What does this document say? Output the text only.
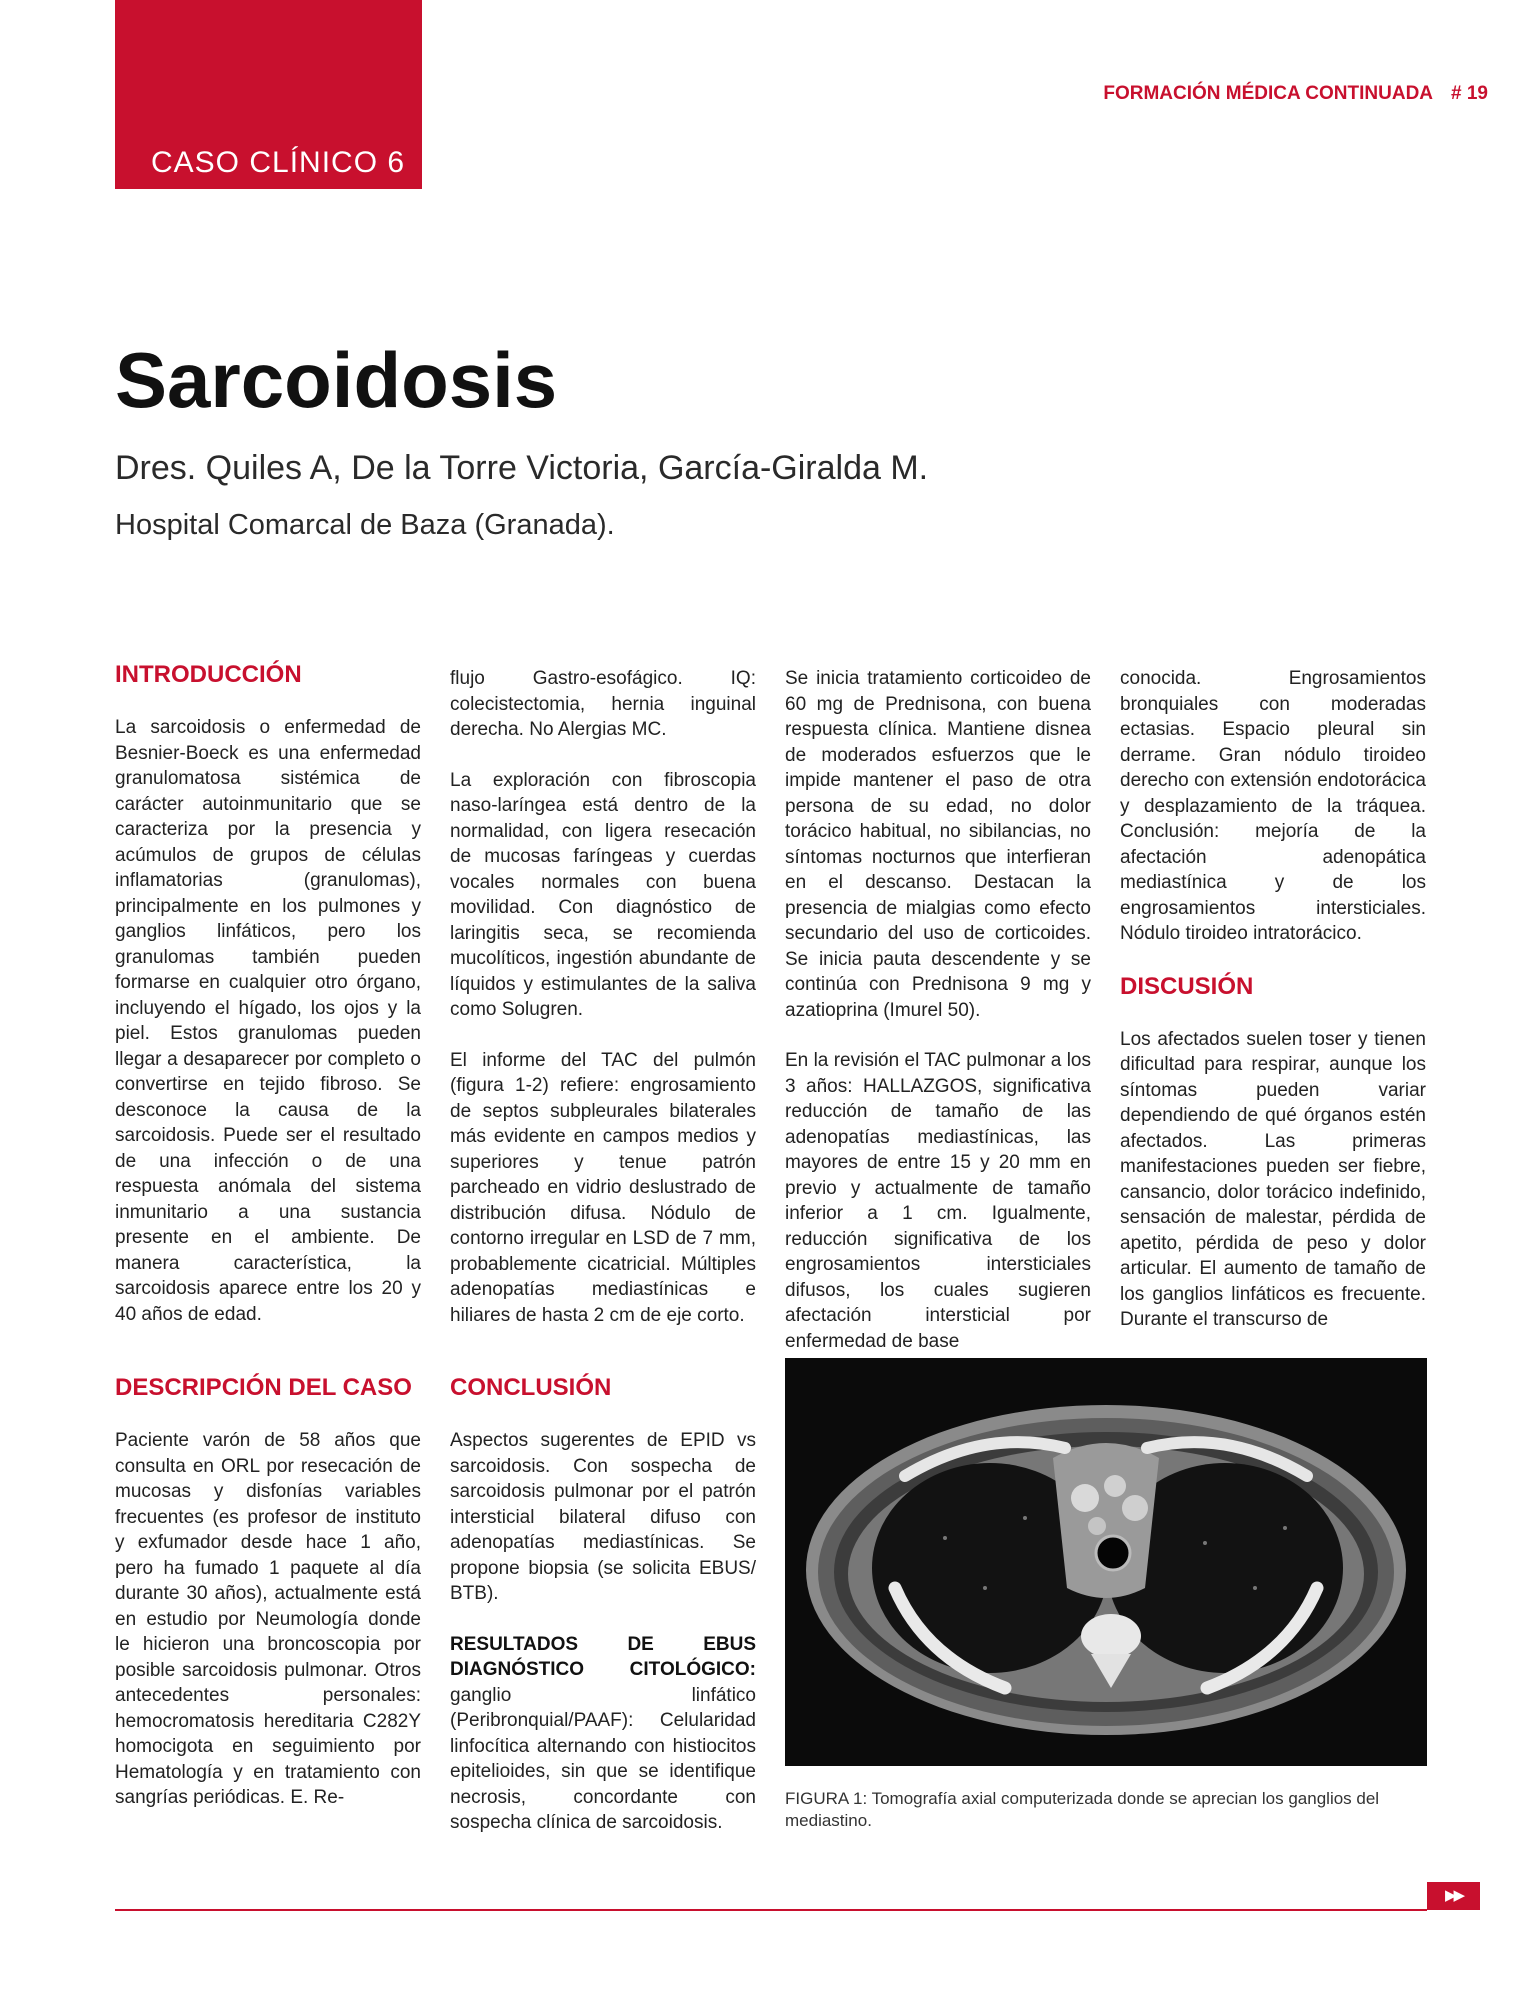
CASO CLÍNICO 6
FORMACIÓN MÉDICA CONTINUADA # 19
Sarcoidosis
Dres. Quiles A, De la Torre Victoria, García-Giralda M.
Hospital Comarcal de Baza (Granada).
INTRODUCCIÓN

La sarcoidosis o enfermedad de Besnier-Boeck es una enfermedad granulomatosa sistémica de carácter autoinmunitario que se caracteriza por la presencia y acúmulos de grupos de células inflamatorias (granulomas), principalmente en los pulmones y ganglios linfáticos, pero los granulomas también pueden formarse en cualquier otro órgano, incluyendo el hígado, los ojos y la piel. Estos granulomas pueden llegar a desaparecer por completo o convertirse en tejido fibroso. Se desconoce la causa de la sarcoidosis. Puede ser el resultado de una infección o de una respuesta anómala del sistema inmunitario a una sustancia presente en el ambiente. De manera característica, la sarcoidosis aparece entre los 20 y 40 años de edad.

DESCRIPCIÓN DEL CASO

Paciente varón de 58 años que consulta en ORL por resecación de mucosas y disfonías variables frecuentes (es profesor de instituto y exfumador desde hace 1 año, pero ha fumado 1 paquete al día durante 30 años), actualmente está en estudio por Neumología donde le hicieron una broncoscopia por posible sarcoidosis pulmonar. Otros antecedentes personales: hemocromatosis hereditaria C282Y homocigota en seguimiento por Hematología y en tratamiento con sangrías periódicas. E. Re-

flujo Gastro-esofágico. IQ: colecistectomia, hernia inguinal derecha. No Alergias MC.

La exploración con fibroscopia naso-laríngea está dentro de la normalidad, con ligera resecación de mucosas faríngeas y cuerdas vocales normales con buena movilidad. Con diagnóstico de laringitis seca, se recomienda mucolíticos, ingestión abundante de líquidos y estimulantes de la saliva como Solugren.

El informe del TAC del pulmón (figura 1-2) refiere: engrosamiento de septos subpleurales bilaterales más evidente en campos medios y superiores y tenue patrón parcheado en vidrio deslustrado de distribución difusa. Nódulo de contorno irregular en LSD de 7 mm, probablemente cicatricial. Múltiples adenopatías mediastínicas e hiliares de hasta 2 cm de eje corto.

CONCLUSIÓN

Aspectos sugerentes de EPID vs sarcoidosis. Con sospecha de sarcoidosis pulmonar por el patrón intersticial bilateral difuso con adenopatías mediastínicas. Se propone biopsia (se solicita EBUS/ BTB).

RESULTADOS DE EBUS DIAGNÓSTICO CITOLÓGICO: ganglio linfático (Peribronquial/PAAF): Celularidad linfocítica alternando con histiocitos epitelioides, sin que se identifique necrosis, concordante con sospecha clínica de sarcoidosis.

Se inicia tratamiento corticoideo de 60 mg de Prednisona, con buena respuesta clínica. Mantiene disnea de moderados esfuerzos que le impide mantener el paso de otra persona de su edad, no dolor torácico habitual, no sibilancias, no síntomas nocturnos que interfieran en el descanso. Destacan la presencia de mialgias como efecto secundario del uso de corticoides. Se inicia pauta descendente y se continúa con Prednisona 9 mg y azatioprina (Imurel 50).

En la revisión el TAC pulmonar a los 3 años: HALLAZGOS, significativa reducción de tamaño de las adenopatías mediastínicas, las mayores de entre 15 y 20 mm en previo y actualmente de tamaño inferior a 1 cm. Igualmente, reducción significativa de los engrosamientos intersticiales difusos, los cuales sugieren afectación intersticial por enfermedad de base

conocida. Engrosamientos bronquiales con moderadas ectasias. Espacio pleural sin derrame. Gran nódulo tiroideo derecho con extensión endotorácica y desplazamiento de la tráquea. Conclusión: mejoría de la afectación adenopática mediastínica y de los engrosamientos intersticiales. Nódulo tiroideo intratorácico.

DISCUSIÓN

Los afectados suelen toser y tienen dificultad para respirar, aunque los síntomas pueden variar dependiendo de qué órganos estén afectados. Las primeras manifestaciones pueden ser fiebre, cansancio, dolor torácico indefinido, sensación de malestar, pérdida de apetito, pérdida de peso y dolor articular. El aumento de tamaño de los ganglios linfáticos es frecuente. Durante el transcurso de

FIGURA 1: Tomografía axial computerizada donde se aprecian los ganglios del mediastino.
▶▶
